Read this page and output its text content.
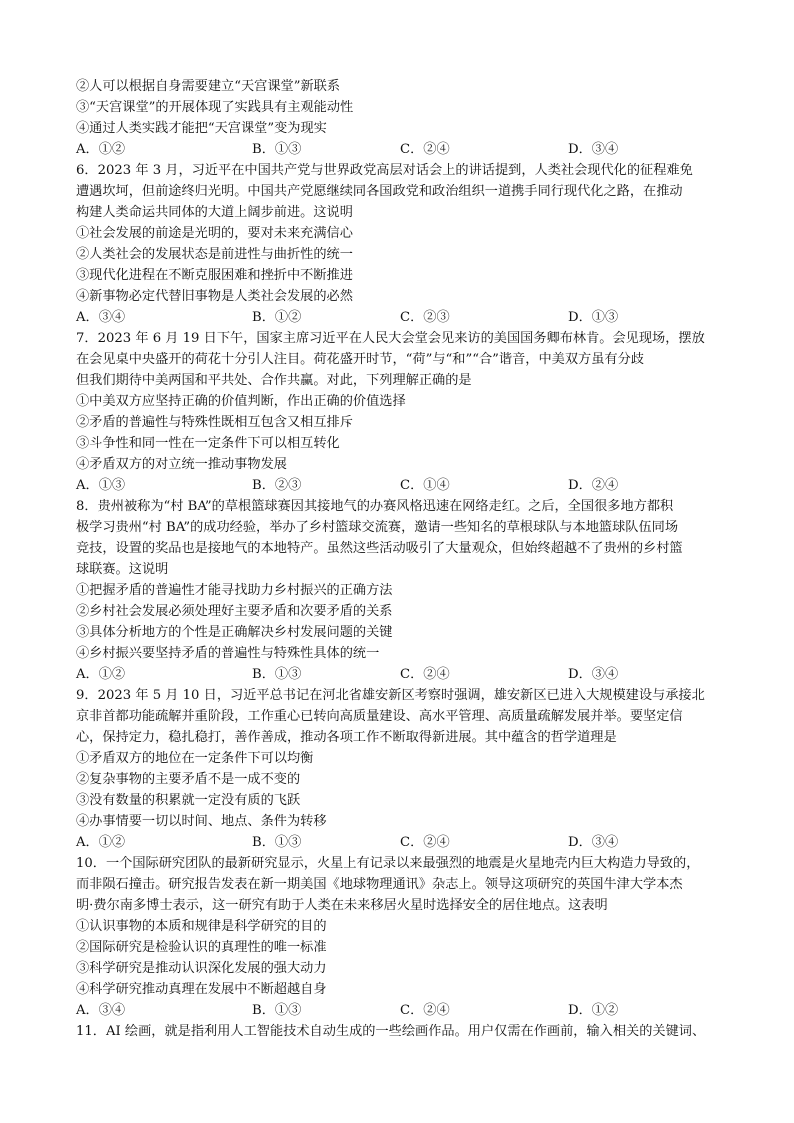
②人可以根据自身需要建立“天宫课堂”新联系
③“天宫课堂”的开展体现了实践具有主观能动性
④通过人类实践才能把“天宫课堂”变为现实
A．①②	B．①③	C．②④	D．③④
6．2023 年 3 月，习近平在中国共产党与世界政党高层对话会上的讲话提到，人类社会现代化的征程难免
遭遇坎坷，但前途终归光明。中国共产党愿继续同各国政党和政治组织一道携手同行现代化之路，在推动
构建人类命运共同体的大道上阔步前进。这说明
①社会发展的前途是光明的，要对未来充满信心
②人类社会的发展状态是前进性与曲折性的统一
③现代化进程在不断克服困难和挫折中不断推进
④新事物必定代替旧事物是人类社会发展的必然
A．③④	B．①②	C．②③	D．①③
7．2023 年 6 月 19 日下午，国家主席习近平在人民大会堂会见来访的美国国务卿布林肯。会见现场，摆放
在会见桌中央盛开的荷花十分引人注目。荷花盛开时节，“荷”与“和”“合”谐音，中美双方虽有分歧
但我们期待中美两国和平共处、合作共赢。对此，下列理解正确的是
①中美双方应坚持正确的价值判断，作出正确的价值选择
②矛盾的普遍性与特殊性既相互包含又相互排斥
③斗争性和同一性在一定条件下可以相互转化
④矛盾双方的对立统一推动事物发展
A．①③	B．②③	C．①④	D．②④
8．贵州被称为“村 BA”的草根篮球赛因其接地气的办赛风格迅速在网络走红。之后，全国很多地方都积
极学习贵州“村 BA”的成功经验，举办了乡村篮球交流赛，邀请一些知名的草根球队与本地篮球队伍同场
竞技，设置的奖品也是接地气的本地特产。虽然这些活动吸引了大量观众，但始终超越不了贵州的乡村篮
球联赛。这说明
①把握矛盾的普遍性才能寻找助力乡村振兴的正确方法
②乡村社会发展必须处理好主要矛盾和次要矛盾的关系
③具体分析地方的个性是正确解决乡村发展问题的关键
④乡村振兴要坚持矛盾的普遍性与特殊性具体的统一
A．①②	B．①③	C．②④	D．③④
9．2023 年 5 月 10 日，习近平总书记在河北省雄安新区考察时强调，雄安新区已进入大规模建设与承接北
京非首都功能疏解并重阶段，工作重心已转向高质量建设、高水平管理、高质量疏解发展并举。要坚定信
心，保持定力，稳扎稳打，善作善成，推动各项工作不断取得新进展。其中蕴含的哲学道理是
①矛盾双方的地位在一定条件下可以均衡
②复杂事物的主要矛盾不是一成不变的
③没有数量的积累就一定没有质的飞跃
④办事情要一切以时间、地点、条件为转移
A．①②	B．①③	C．②④	D．③④
10．一个国际研究团队的最新研究显示，火星上有记录以来最强烈的地震是火星地壳内巨大构造力导致的，
而非陨石撞击。研究报告发表在新一期美国《地球物理通讯》杂志上。领导这项研究的英国牛津大学本杰
明·费尔南多博士表示，这一研究有助于人类在未来移居火星时选择安全的居住地点。这表明
①认识事物的本质和规律是科学研究的目的
②国际研究是检验认识的真理性的唯一标准
③科学研究是推动认识深化发展的强大动力
④科学研究推动真理在发展中不断超越自身
A．③④	B．①③	C．②④	D．①②
11．AI 绘画，就是指利用人工智能技术自动生成的一些绘画作品。用户仅需在作画前，输入相关的关键词、
